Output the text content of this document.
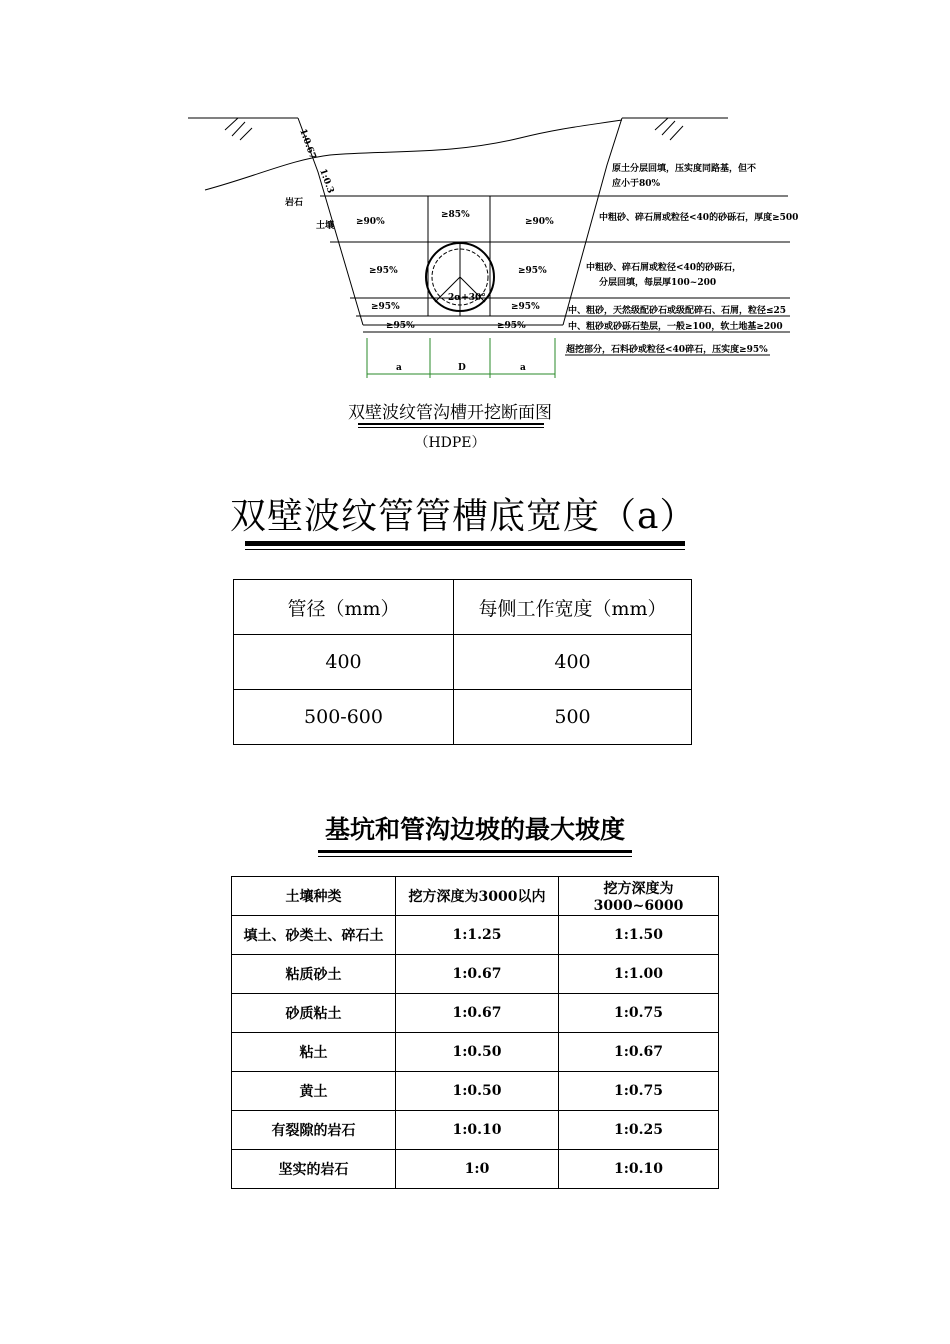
1:0.67
1:0.3
岩石
土壤 ≥90%
≥85%
≥90%
≥95%	≥95%
≥95%	≥95%
≥95%	≥95%
2α+30°
a	D	a
原土分层回填，压实度同路基，但不
应小于80%
中粗砂、碎石屑或粒径<40的砂砾石，厚度≥500
中粗砂、碎石屑或粒径<40的砂砾石，
分层回填，每层厚100~200
中、粗砂，天然级配砂石或级配碎石、石屑，粒径≤25
中、粗砂或砂砾石垫层，一般≥100，软土地基≥200
超挖部分，石料砂或粒径<40碎石，压实度≥95%
双壁波纹管沟槽开挖断面图
（HDPE）
双壁波纹管管槽底宽度（a）
管径（mm）	每侧工作宽度（mm）
400	400
500-600	500
基坑和管沟边坡的最大坡度
土壤种类	挖方深度为3000以内	挖方深度为3000~6000
填土、砂类土、碎石土	1:1.25	1:1.50
粘质砂土	1:0.67	1:1.00
砂质粘土	1:0.67	1:0.75
粘土	1:0.50	1:0.67
黄土	1:0.50	1:0.75
有裂隙的岩石	1:0.10	1:0.25
坚实的岩石	1:0	1:0.10
